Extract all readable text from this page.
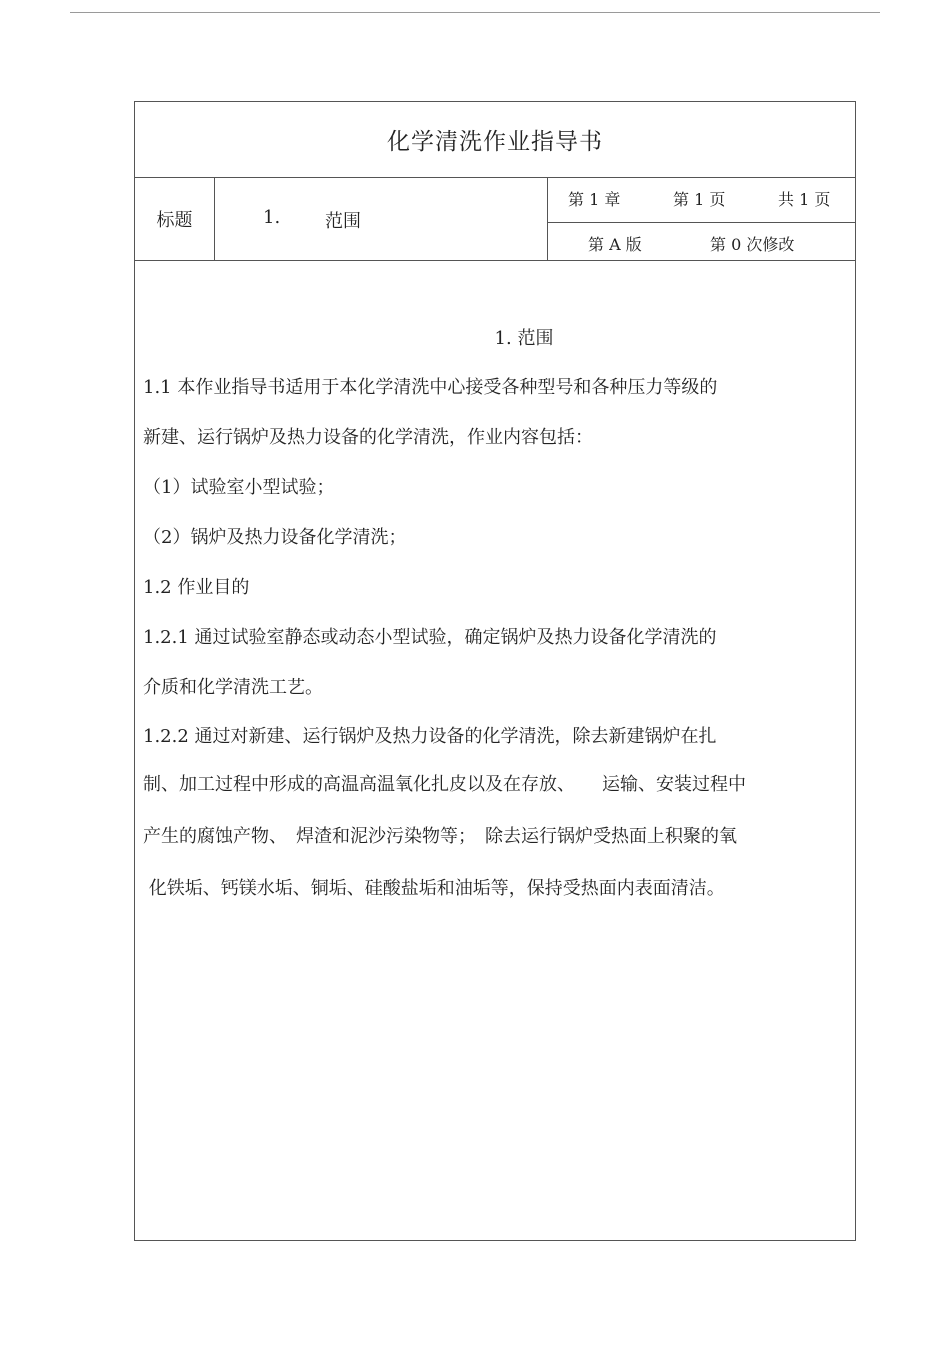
化学清洗作业指导书
标题	1. 范围
第 1 章	第 1 页	共 1 页
第 A 版	第 0 次修改
1. 范围
1.1 本作业指导书适用于本化学清洗中心接受各种型号和各种压力等级的
新建、运行锅炉及热力设备的化学清洗，作业内容包括：
（1）试验室小型试验；
（2）锅炉及热力设备化学清洗；
1.2 作业目的
1.2.1 通过试验室静态或动态小型试验，确定锅炉及热力设备化学清洗的
介质和化学清洗工艺。
1.2.2 通过对新建、运行锅炉及热力设备的化学清洗，除去新建锅炉在扎
制、加工过程中形成的高温高温氧化扎皮以及在存放、　　运输、安装过程中
产生的腐蚀产物、　焊渣和泥沙污染物等；　除去运行锅炉受热面上积聚的氧
化铁垢、钙镁水垢、铜垢、硅酸盐垢和油垢等，保持受热面内表面清洁。
